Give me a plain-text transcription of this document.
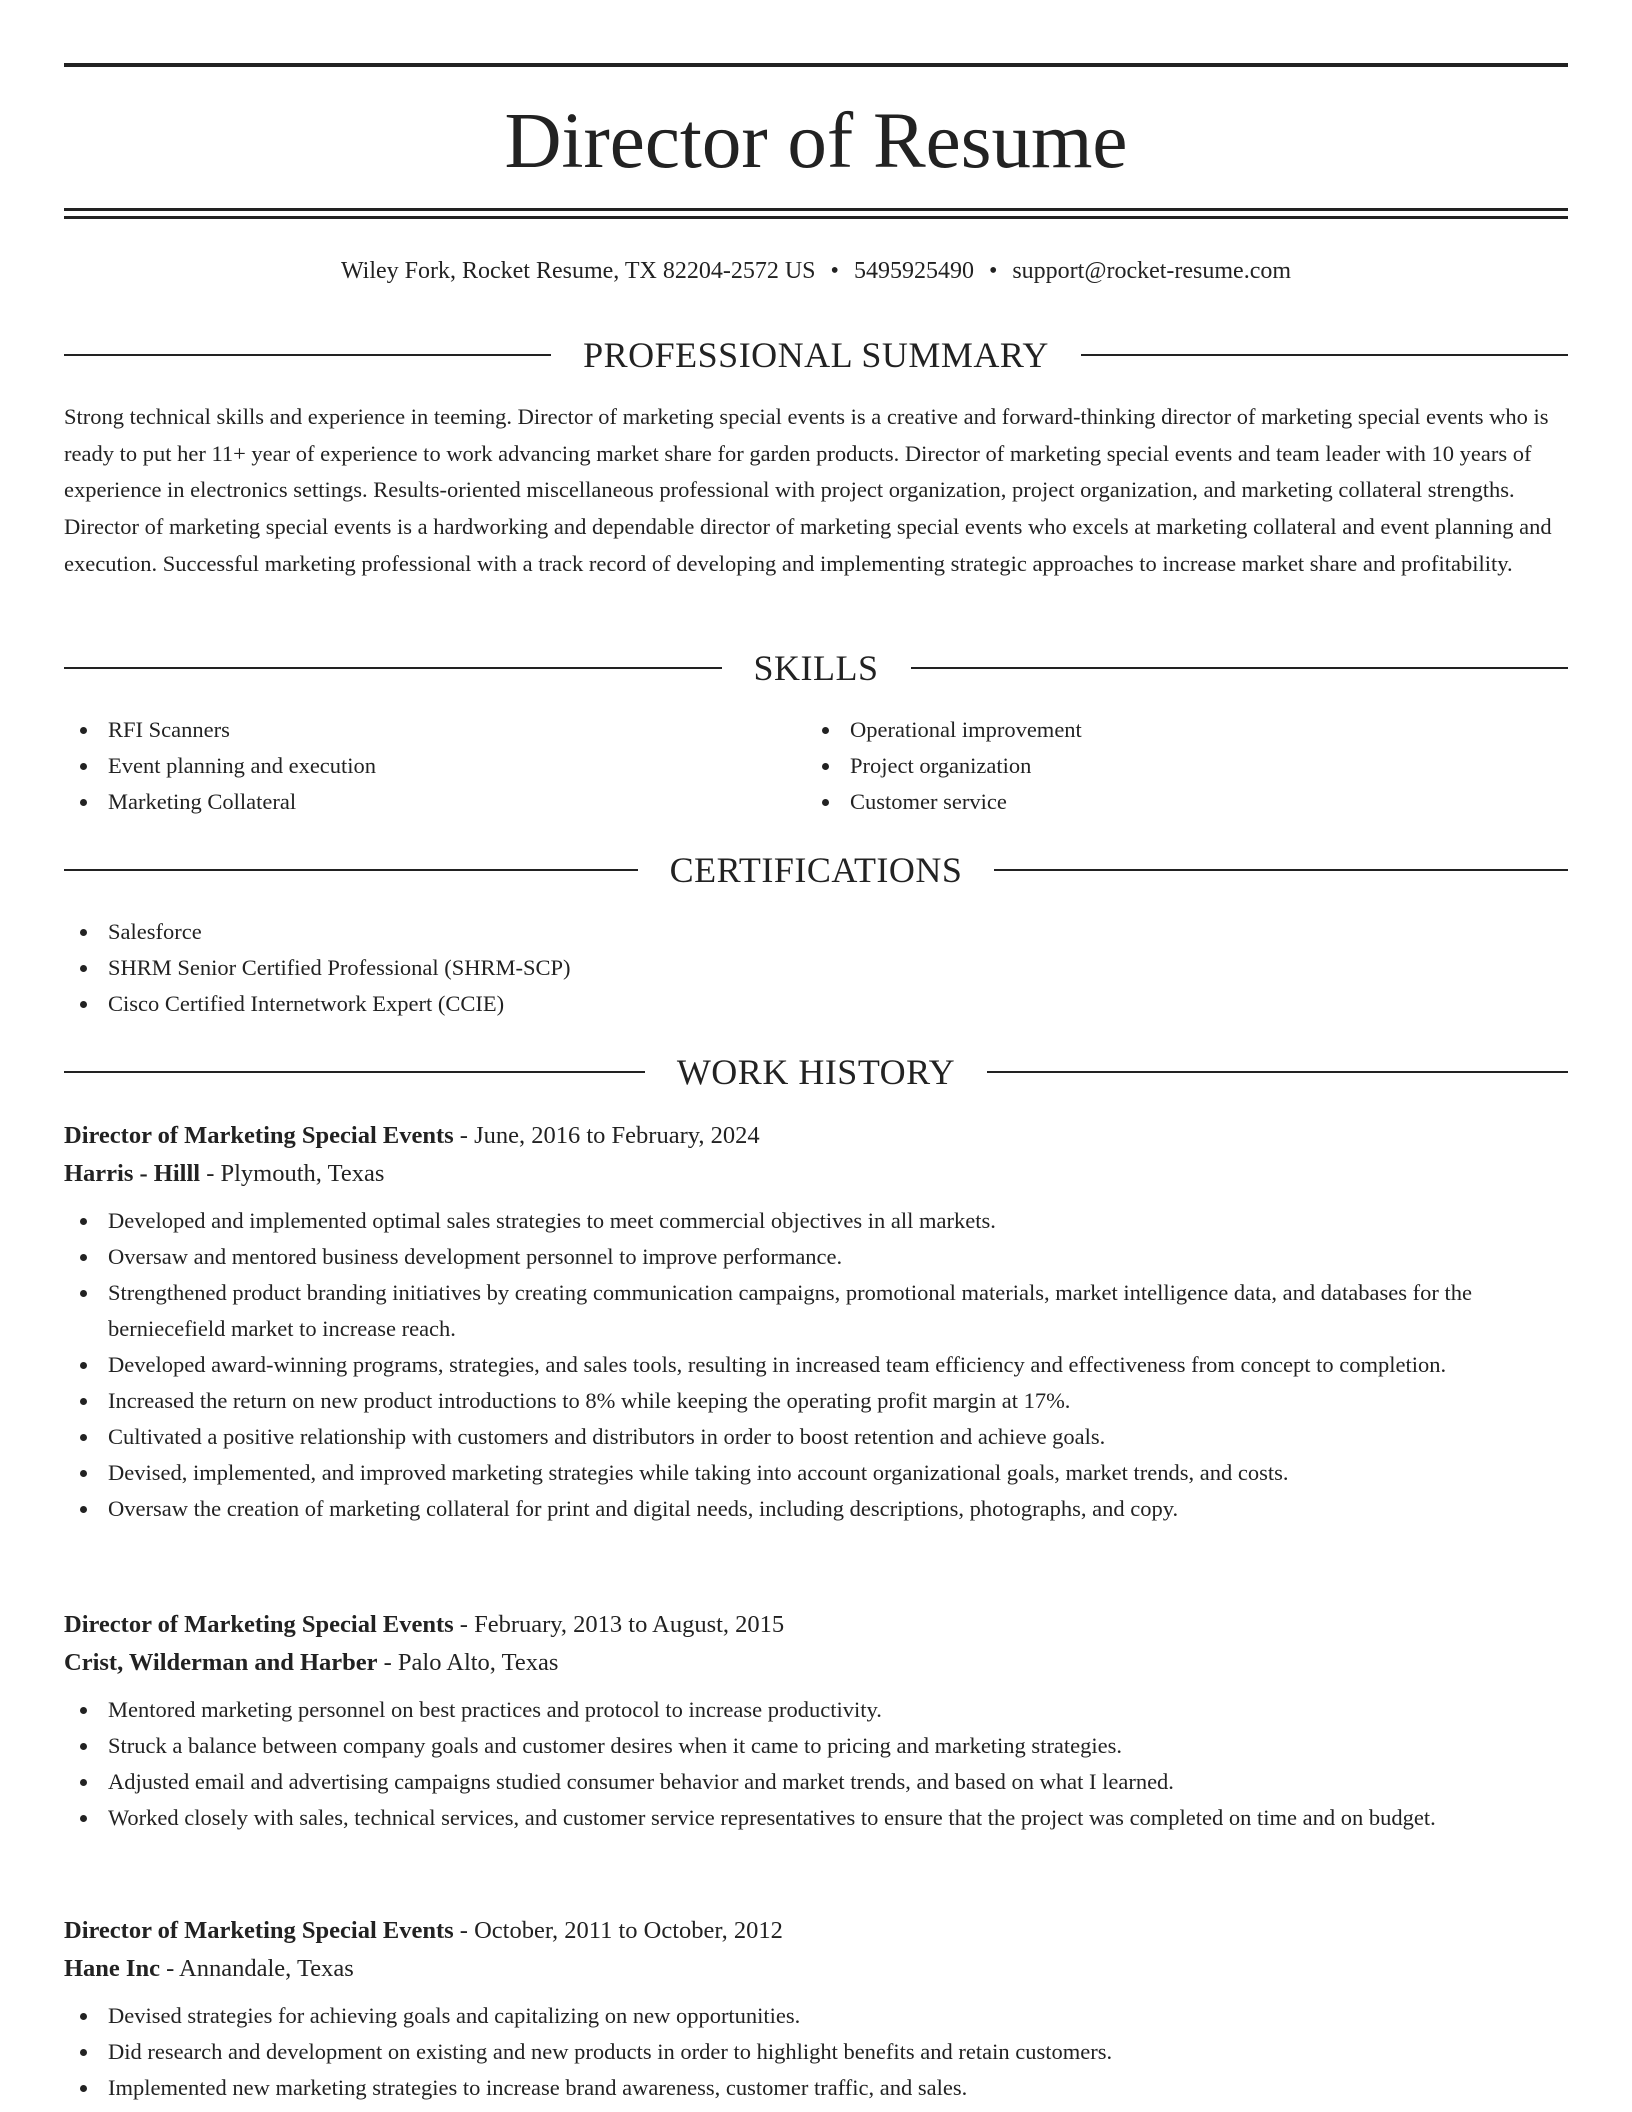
Director of Resume
Wiley Fork, Rocket Resume, TX 82204-2572 US • 5495925490 • support@rocket-resume.com
PROFESSIONAL SUMMARY

Strong technical skills and experience in teeming. Director of marketing special events is a creative and forward-thinking director of marketing special events who is ready to put her 11+ year of experience to work advancing market share for garden products. Director of marketing special events and team leader with 10 years of experience in electronics settings. Results-oriented miscellaneous professional with project organization, project organization, and marketing collateral strengths. Director of marketing special events is a hardworking and dependable director of marketing special events who excels at marketing collateral and event planning and execution. Successful marketing professional with a track record of developing and implementing strategic approaches to increase market share and profitability.

SKILLS
RFI Scanners
Event planning and execution
Marketing Collateral
Operational improvement
Project organization
Customer service
CERTIFICATIONS
Salesforce
SHRM Senior Certified Professional (SHRM-SCP)
Cisco Certified Internetwork Expert (CCIE)
WORK HISTORY
Director of Marketing Special Events - June, 2016 to February, 2024
Harris - Hilll - Plymouth, Texas
Developed and implemented optimal sales strategies to meet commercial objectives in all markets.
Oversaw and mentored business development personnel to improve performance.
Strengthened product branding initiatives by creating communication campaigns, promotional materials, market intelligence data, and databases for the berniecefield market to increase reach.
Developed award-winning programs, strategies, and sales tools, resulting in increased team efficiency and effectiveness from concept to completion.
Increased the return on new product introductions to 8% while keeping the operating profit margin at 17%.
Cultivated a positive relationship with customers and distributors in order to boost retention and achieve goals.
Devised, implemented, and improved marketing strategies while taking into account organizational goals, market trends, and costs.
Oversaw the creation of marketing collateral for print and digital needs, including descriptions, photographs, and copy.
Director of Marketing Special Events - February, 2013 to August, 2015
Crist, Wilderman and Harber - Palo Alto, Texas
Mentored marketing personnel on best practices and protocol to increase productivity.
Struck a balance between company goals and customer desires when it came to pricing and marketing strategies.
Adjusted email and advertising campaigns studied consumer behavior and market trends, and based on what I learned.
Worked closely with sales, technical services, and customer service representatives to ensure that the project was completed on time and on budget.
Director of Marketing Special Events - October, 2011 to October, 2012
Hane Inc - Annandale, Texas
Devised strategies for achieving goals and capitalizing on new opportunities.
Did research and development on existing and new products in order to highlight benefits and retain customers.
Implemented new marketing strategies to increase brand awareness, customer traffic, and sales.
